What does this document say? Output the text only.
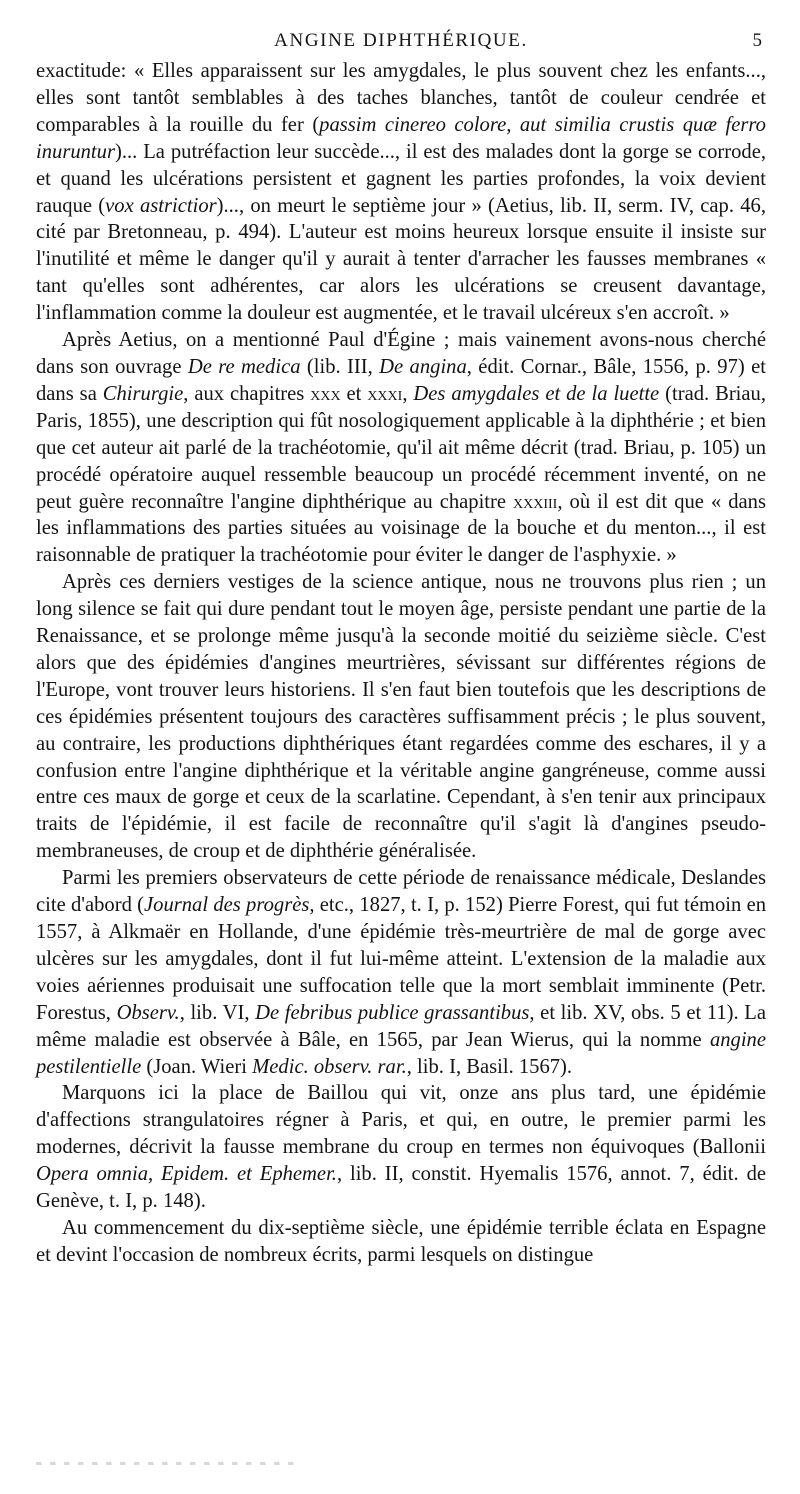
ANGINE DIPHTHÉRIQUE.	5

exactitude: « Elles apparaissent sur les amygdales, le plus souvent chez les enfants..., elles sont tantôt semblables à des taches blanches, tantôt de couleur cendrée et comparables à la rouille du fer (passim cinereo colore, aut similia crustis quæ ferro inuruntur)... La putréfaction leur succède..., il est des malades dont la gorge se corrode, et quand les ulcérations persistent et gagnent les parties profondes, la voix devient rauque (vox astrictior)..., on meurt le septième jour » (Aetius, lib. II, serm. IV, cap. 46, cité par Bretonneau, p. 494). L'auteur est moins heureux lorsque ensuite il insiste sur l'inutilité et même le danger qu'il y aurait à tenter d'arracher les fausses membranes « tant qu'elles sont adhérentes, car alors les ulcérations se creusent davantage, l'inflammation comme la douleur est augmentée, et le travail ulcéreux s'en accroît. »

Après Aetius, on a mentionné Paul d'Égine ; mais vainement avons-nous cherché dans son ouvrage De re medica (lib. III, De angina, édit. Cornar., Bâle, 1556, p. 97) et dans sa Chirurgie, aux chapitres xxx et xxxi, Des amygdales et de la luette (trad. Briau, Paris, 1855), une description qui fût nosologiquement applicable à la diphthérie ; et bien que cet auteur ait parlé de la trachéotomie, qu'il ait même décrit (trad. Briau, p. 105) un procédé opératoire auquel ressemble beaucoup un procédé récemment inventé, on ne peut guère reconnaître l'angine diphthérique au chapitre xxxiii, où il est dit que « dans les inflammations des parties situées au voisinage de la bouche et du menton..., il est raisonnable de pratiquer la trachéotomie pour éviter le danger de l'asphyxie. »

Après ces derniers vestiges de la science antique, nous ne trouvons plus rien ; un long silence se fait qui dure pendant tout le moyen âge, persiste pendant une partie de la Renaissance, et se prolonge même jusqu'à la seconde moitié du seizième siècle. C'est alors que des épidémies d'angines meurtrières, sévissant sur différentes régions de l'Europe, vont trouver leurs historiens. Il s'en faut bien toutefois que les descriptions de ces épidémies présentent toujours des caractères suffisamment précis ; le plus souvent, au contraire, les productions diphthériques étant regardées comme des eschares, il y a confusion entre l'angine diphthérique et la véritable angine gangréneuse, comme aussi entre ces maux de gorge et ceux de la scarlatine. Cependant, à s'en tenir aux principaux traits de l'épidémie, il est facile de reconnaître qu'il s'agit là d'angines pseudo-membraneuses, de croup et de diphthérie généralisée.

Parmi les premiers observateurs de cette période de renaissance médicale, Deslandes cite d'abord (Journal des progrès, etc., 1827, t. I, p. 152) Pierre Forest, qui fut témoin en 1557, à Alkmaër en Hollande, d'une épidémie très-meurtrière de mal de gorge avec ulcères sur les amygdales, dont il fut lui-même atteint. L'extension de la maladie aux voies aériennes produisait une suffocation telle que la mort semblait imminente (Petr. Forestus, Observ., lib. VI, De febribus publice grassantibus, et lib. XV, obs. 5 et 11). La même maladie est observée à Bâle, en 1565, par Jean Wierus, qui la nomme angine pestilentielle (Joan. Wieri Medic. observ. rar., lib. I, Basil. 1567).

Marquons ici la place de Baillou qui vit, onze ans plus tard, une épidémie d'affections strangulatoires régner à Paris, et qui, en outre, le premier parmi les modernes, décrivit la fausse membrane du croup en termes non équivoques (Ballonii Opera omnia, Epidem. et Ephemer., lib. II, constit. Hyemalis 1576, annot. 7, édit. de Genève, t. I, p. 148).

Au commencement du dix-septième siècle, une épidémie terrible éclata en Espagne et devint l'occasion de nombreux écrits, parmi lesquels on distingue
